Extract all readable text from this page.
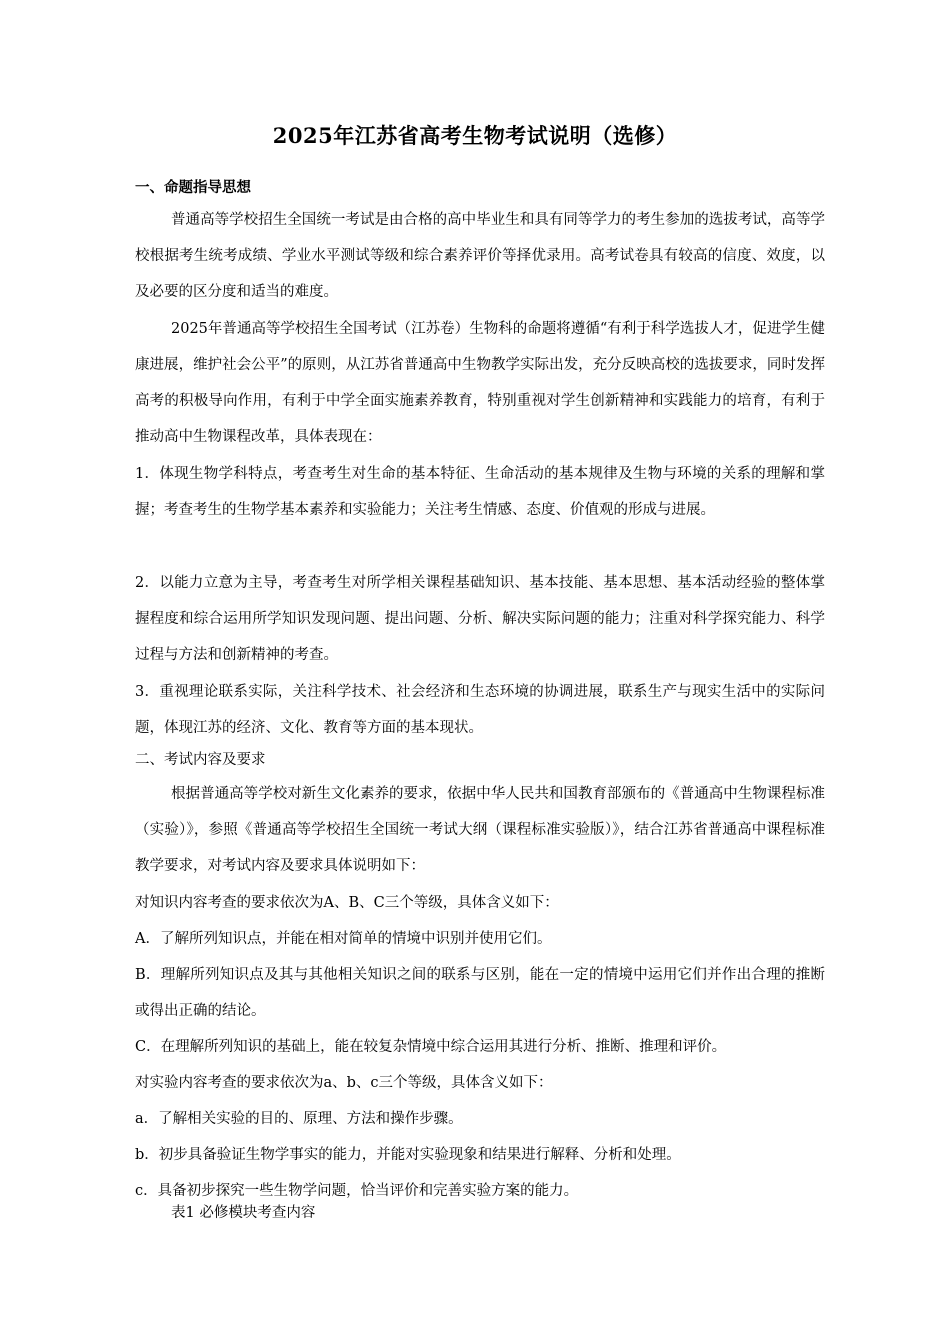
2025年江苏省高考生物考试说明（选修）
一、命题指导思想
普通高等学校招生全国统一考试是由合格的高中毕业生和具有同等学力的考生参加的选拔考试，高等学校根据考生统考成绩、学业水平测试等级和综合素养评价等择优录用。高考试卷具有较高的信度、效度，以及必要的区分度和适当的难度。
2025年普通高等学校招生全国考试（江苏卷）生物科的命题将遵循“有利于科学选拔人才，促进学生健康进展，维护社会公平”的原则，从江苏省普通高中生物教学实际出发，充分反映高校的选拔要求，同时发挥高考的积极导向作用，有利于中学全面实施素养教育，特别重视对学生创新精神和实践能力的培育，有利于推动高中生物课程改革，具体表现在：
1．体现生物学科特点，考查考生对生命的基本特征、生命活动的基本规律及生物与环境的关系的理解和掌握；考查考生的生物学基本素养和实验能力；关注考生情感、态度、价值观的形成与进展。
2．以能力立意为主导，考查考生对所学相关课程基础知识、基本技能、基本思想、基本活动经验的整体掌握程度和综合运用所学知识发现问题、提出问题、分析、解决实际问题的能力；注重对科学探究能力、科学过程与方法和创新精神的考查。
3．重视理论联系实际，关注科学技术、社会经济和生态环境的协调进展，联系生产与现实生活中的实际问题，体现江苏的经济、文化、教育等方面的基本现状。
二、考试内容及要求
根据普通高等学校对新生文化素养的要求，依据中华人民共和国教育部颁布的《普通高中生物课程标准（实验）》，参照《普通高等学校招生全国统一考试大纲（课程标准实验版）》，结合江苏省普通高中课程标准教学要求，对考试内容及要求具体说明如下：
对知识内容考查的要求依次为A、B、C三个等级，具体含义如下：
A．了解所列知识点，并能在相对简单的情境中识别并使用它们。
B．理解所列知识点及其与其他相关知识之间的联系与区别，能在一定的情境中运用它们并作出合理的推断或得出正确的结论。
C．在理解所列知识的基础上，能在较复杂情境中综合运用其进行分析、推断、推理和评价。
对实验内容考查的要求依次为a、b、c三个等级，具体含义如下：
a．了解相关实验的目的、原理、方法和操作步骤。
b．初步具备验证生物学事实的能力，并能对实验现象和结果进行解释、分析和处理。
c．具备初步探究一些生物学问题，恰当评价和完善实验方案的能力。
表1 必修模块考查内容
